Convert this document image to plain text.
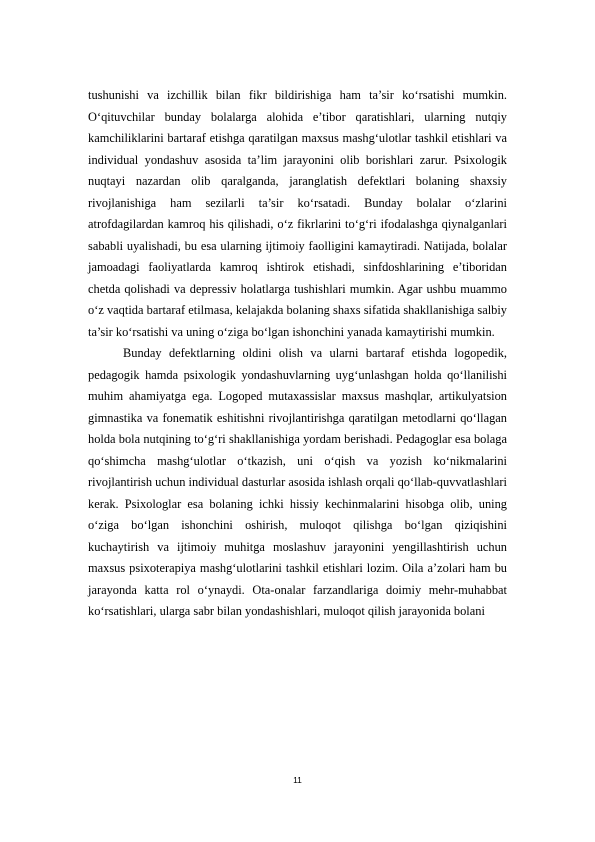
tushunishi va izchillik bilan fikr bildirishiga ham ta’sir ko‘rsatishi mumkin. O‘qituvchilar bunday bolalarga alohida e’tibor qaratishlari, ularning nutqiy kamchiliklarini bartaraf etishga qaratilgan maxsus mashg‘ulotlar tashkil etishlari va individual yondashuv asosida ta’lim jarayonini olib borishlari zarur. Psixologik nuqtayi nazardan olib qaralganda, jaranglatish defektlari bolaning shaxsiy rivojlanishiga ham sezilarli ta’sir ko‘rsatadi. Bunday bolalar o‘zlarini atrofdagilardan kamroq his qilishadi, o‘z fikrlarini to‘g‘ri ifodalashga qiynalganlari sababli uyalishadi, bu esa ularning ijtimoiy faolligini kamaytiradi. Natijada, bolalar jamoadagi faoliyatlarda kamroq ishtirok etishadi, sinfdoshlarining e’tiboridan chetda qolishadi va depressiv holatlarga tushishlari mumkin. Agar ushbu muammo o‘z vaqtida bartaraf etilmasa, kelajakda bolaning shaxs sifatida shakllanishiga salbiy ta’sir ko‘rsatishi va uning o‘ziga bo‘lgan ishonchini yanada kamaytirishi mumkin.

Bunday defektlarning oldini olish va ularni bartaraf etishda logopedik, pedagogik hamda psixologik yondashuvlarning uyg‘unlashgan holda qo‘llanilishi muhim ahamiyatga ega. Logoped mutaxassislar maxsus mashqlar, artikulyatsion gimnastika va fonematik eshitishni rivojlantirishga qaratilgan metodlarni qo‘llagan holda bola nutqining to‘g‘ri shakllanishiga yordam berishadi. Pedagoglar esa bolaga qo‘shimcha mashg‘ulotlar o‘tkazish, uni o‘qish va yozish ko‘nikmalarini rivojlantirish uchun individual dasturlar asosida ishlash orqali qo‘llab-quvvatlashlari kerak. Psixologlar esa bolaning ichki hissiy kechinmalarini hisobga olib, uning o‘ziga bo‘lgan ishonchini oshirish, muloqot qilishga bo‘lgan qiziqishini kuchaytirish va ijtimoiy muhitga moslashuv jarayonini yengillashtirish uchun maxsus psixoterapiya mashg‘ulotlarini tashkil etishlari lozim. Oila a’zolari ham bu jarayonda katta rol o‘ynaydi. Ota-onalar farzandlariga doimiy mehr-muhabbat ko‘rsatishlari, ularga sabr bilan yondashishlari, muloqot qilish jarayonida bolani

11
